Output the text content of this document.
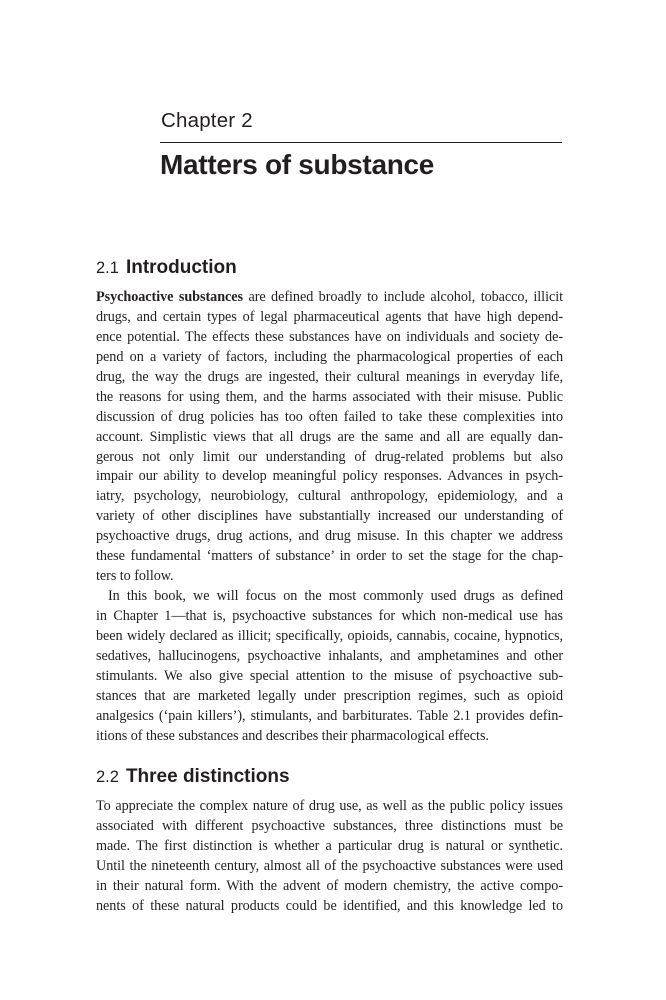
Chapter 2
Matters of substance
2.1 Introduction
Psychoactive substances are defined broadly to include alcohol, tobacco, illicit
drugs, and certain types of legal pharmaceutical agents that have high depend-
ence potential. The effects these substances have on individuals and society de-
pend on a variety of factors, including the pharmacological properties of each
drug, the way the drugs are ingested, their cultural meanings in everyday life,
the reasons for using them, and the harms associated with their misuse. Public
discussion of drug policies has too often failed to take these complexities into
account. Simplistic views that all drugs are the same and all are equally dan-
gerous not only limit our understanding of drug-related problems but also
impair our ability to develop meaningful policy responses. Advances in psych-
iatry, psychology, neurobiology, cultural anthropology, epidemiology, and a
variety of other disciplines have substantially increased our understanding of
psychoactive drugs, drug actions, and drug misuse. In this chapter we address
these fundamental ‘matters of substance’ in order to set the stage for the chap-
ters to follow.
In this book, we will focus on the most commonly used drugs as defined
in Chapter 1—that is, psychoactive substances for which non-medical use has
been widely declared as illicit; specifically, opioids, cannabis, cocaine, hypnotics,
sedatives, hallucinogens, psychoactive inhalants, and amphetamines and other
stimulants. We also give special attention to the misuse of psychoactive sub-
stances that are marketed legally under prescription regimes, such as opioid
analgesics (‘pain killers’), stimulants, and barbiturates. Table 2.1 provides defin-
itions of these substances and describes their pharmacological effects.
2.2 Three distinctions
To appreciate the complex nature of drug use, as well as the public policy issues
associated with different psychoactive substances, three distinctions must be
made. The first distinction is whether a particular drug is natural or synthetic.
Until the nineteenth century, almost all of the psychoactive substances were used
in their natural form. With the advent of modern chemistry, the active compo-
nents of these natural products could be identified, and this knowledge led to
